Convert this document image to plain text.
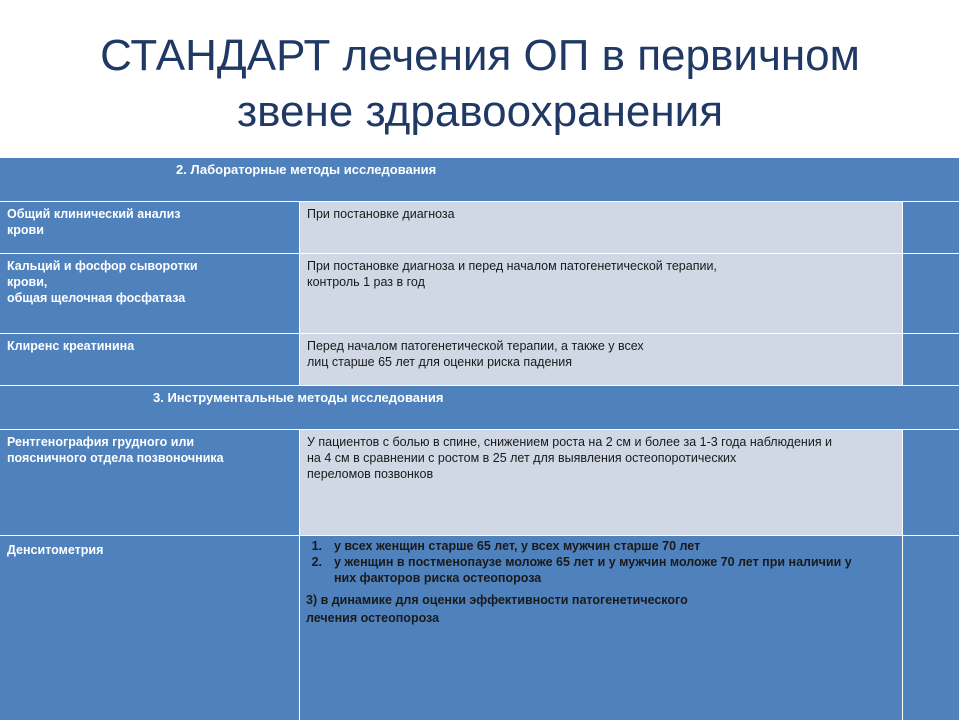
СТАНДАРТ лечения ОП в первичном
звене здравоохранения
2. Лабораторные методы исследования
Общий клинический анализ крови
При постановке диагноза
Кальций и фосфор сыворотки
крови,
общая щелочная фосфатаза
При постановке диагноза и перед началом патогенетической терапии,
контроль 1 раз в год
Клиренс креатинина	Перед началом патогенетической терапии, а также у всех
лиц старше 65 лет для оценки риска падения
3. Инструментальные методы исследования
Рентгенография грудного или поясничного отдела позвоночника
У пациентов с болью в спине, снижением роста на 2 см и более за 1-3 года наблюдения и на 4 см в сравнении с ростом в 25 лет для выявления остеопоротических
переломов позвонков
Денситометрия	1. у всех женщин старше 65 лет, у всех мужчин старше 70 лет
2. у женщин в постменопаузе моложе 65 лет и у мужчин моложе 70 лет при наличии у них факторов риска остеопороза
3) в динамике для оценки эффективности патогенетического
лечения остеопороза
